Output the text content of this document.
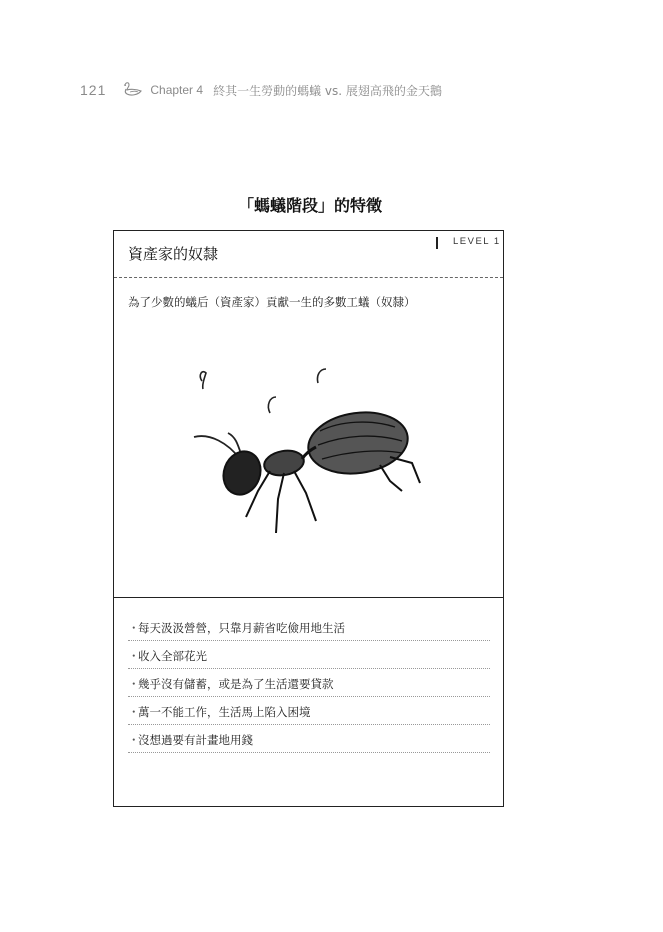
121	Chapter 4 終其一生勞動的螞蟻 vs. 展翅高飛的金天鵝
「螞蟻階段」的特徵
資產家的奴隸
LEVEL 1
為了少數的蟻后（資產家）貢獻一生的多數工蟻（奴隸）
・
每天汲汲營營，只靠月薪省吃儉用地生活
・
收入全部花光
・
幾乎沒有儲蓄，或是為了生活還要貸款
・
萬一不能工作，生活馬上陷入困境
・
沒想過要有計畫地用錢
